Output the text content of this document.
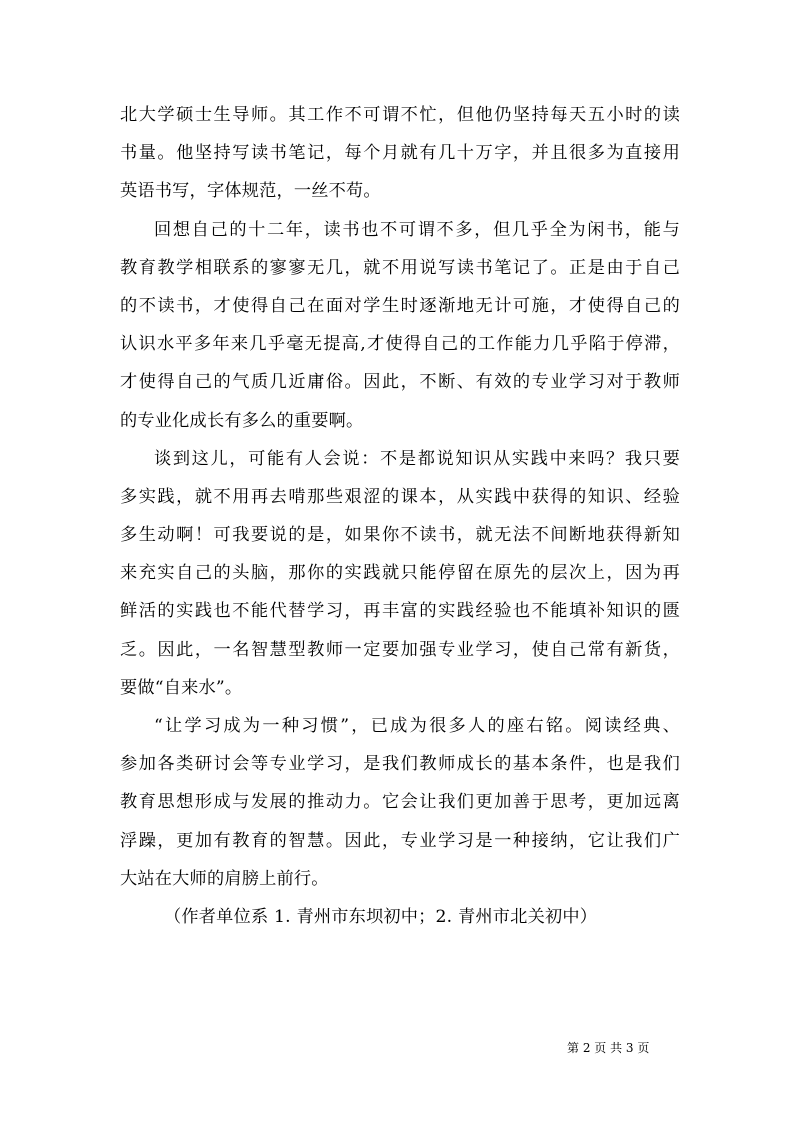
北大学硕士生导师。其工作不可谓不忙，但他仍坚持每天五小时的读
书量。他坚持写读书笔记，每个月就有几十万字，并且很多为直接用
英语书写，字体规范，一丝不苟。
回想自己的十二年，读书也不可谓不多，但几乎全为闲书，能与
教育教学相联系的寥寥无几，就不用说写读书笔记了。正是由于自己
的不读书，才使得自己在面对学生时逐渐地无计可施，才使得自己的
认识水平多年来几乎毫无提高,才使得自己的工作能力几乎陷于停滞，
才使得自己的气质几近庸俗。因此，不断、有效的专业学习对于教师
的专业化成长有多么的重要啊。
谈到这儿，可能有人会说：不是都说知识从实践中来吗？我只要
多实践，就不用再去啃那些艰涩的课本，从实践中获得的知识、经验
多生动啊！可我要说的是，如果你不读书，就无法不间断地获得新知
来充实自己的头脑，那你的实践就只能停留在原先的层次上，因为再
鲜活的实践也不能代替学习，再丰富的实践经验也不能填补知识的匮
乏。因此，一名智慧型教师一定要加强专业学习，使自己常有新货，
要做“自来水”。
“让学习成为一种习惯”，已成为很多人的座右铭。阅读经典、
参加各类研讨会等专业学习，是我们教师成长的基本条件，也是我们
教育思想形成与发展的推动力。它会让我们更加善于思考，更加远离
浮躁，更加有教育的智慧。因此，专业学习是一种接纳，它让我们广
大站在大师的肩膀上前行。
（作者单位系 1. 青州市东坝初中；2. 青州市北关初中）
第 2 页 共 3 页
